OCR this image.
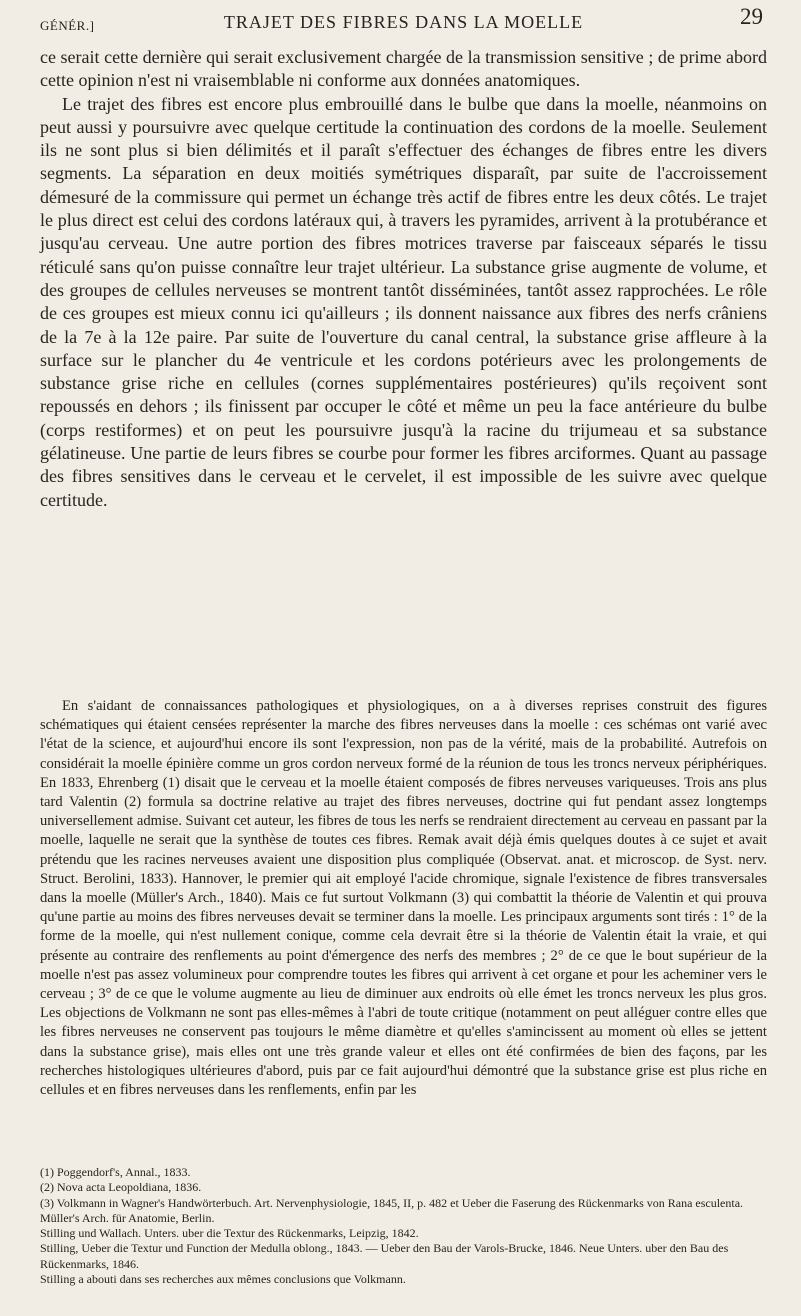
GÉNÉR.]	TRAJET DES FIBRES DANS LA MOELLE	29

ce serait cette dernière qui serait exclusivement chargée de la transmission sensitive ; de prime abord cette opinion n'est ni vraisemblable ni conforme aux données anatomiques.

Le trajet des fibres est encore plus embrouillé dans le bulbe que dans la moelle, néanmoins on peut aussi y poursuivre avec quelque certitude la continuation des cordons de la moelle. Seulement ils ne sont plus si bien délimités et il paraît s'effectuer des échanges de fibres entre les divers segments. La séparation en deux moitiés symétriques disparaît, par suite de l'accroissement démesuré de la commissure qui permet un échange très actif de fibres entre les deux côtés. Le trajet le plus direct est celui des cordons latéraux qui, à travers les pyramides, arrivent à la protubérance et jusqu'au cerveau. Une autre portion des fibres motrices traverse par faisceaux séparés le tissu réticulé sans qu'on puisse connaître leur trajet ultérieur. La substance grise augmente de volume, et des groupes de cellules nerveuses se montrent tantôt disséminées, tantôt assez rapprochées. Le rôle de ces groupes est mieux connu ici qu'ailleurs ; ils donnent naissance aux fibres des nerfs crâniens de la 7e à la 12e paire. Par suite de l'ouverture du canal central, la substance grise affleure à la surface sur le plancher du 4e ventricule et les cordons potérieurs avec les prolongements de substance grise riche en cellules (cornes supplémentaires postérieures) qu'ils reçoivent sont repoussés en dehors ; ils finissent par occuper le côté et même un peu la face antérieure du bulbe (corps restiformes) et on peut les poursuivre jusqu'à la racine du trijumeau et sa substance gélatineuse. Une partie de leurs fibres se courbe pour former les fibres arciformes. Quant au passage des fibres sensitives dans le cerveau et le cervelet, il est impossible de les suivre avec quelque certitude.

En s'aidant de connaissances pathologiques et physiologiques, on a à diverses reprises construit des figures schématiques qui étaient censées représenter la marche des fibres nerveuses dans la moelle : ces schémas ont varié avec l'état de la science, et aujourd'hui encore ils sont l'expression, non pas de la vérité, mais de la probabilité. Autrefois on considérait la moelle épinière comme un gros cordon nerveux formé de la réunion de tous les troncs nerveux périphériques. En 1833, Ehrenberg (1) disait que le cerveau et la moelle étaient composés de fibres nerveuses variqueuses. Trois ans plus tard Valentin (2) formula sa doctrine relative au trajet des fibres nerveuses, doctrine qui fut pendant assez longtemps universellement admise. Suivant cet auteur, les fibres de tous les nerfs se rendraient directement au cerveau en passant par la moelle, laquelle ne serait que la synthèse de toutes ces fibres. Remak avait déjà émis quelques doutes à ce sujet et avait prétendu que les racines nerveuses avaient une disposition plus compliquée (Observat. anat. et microscop. de Syst. nerv. Struct. Berolini, 1833). Hannover, le premier qui ait employé l'acide chromique, signale l'existence de fibres transversales dans la moelle (Müller's Arch., 1840). Mais ce fut surtout Volkmann (3) qui combattit la théorie de Valentin et qui prouva qu'une partie au moins des fibres nerveuses devait se terminer dans la moelle. Les principaux arguments sont tirés : 1° de la forme de la moelle, qui n'est nullement conique, comme cela devrait être si la théorie de Valentin était la vraie, et qui présente au contraire des renflements au point d'émergence des nerfs des membres ; 2° de ce que le bout supérieur de la moelle n'est pas assez volumineux pour comprendre toutes les fibres qui arrivent à cet organe et pour les acheminer vers le cerveau ; 3° de ce que le volume augmente au lieu de diminuer aux endroits où elle émet les troncs nerveux les plus gros. Les objections de Volkmann ne sont pas elles-mêmes à l'abri de toute critique (notamment on peut alléguer contre elles que les fibres nerveuses ne conservent pas toujours le même diamètre et qu'elles s'amincissent au moment où elles se jettent dans la substance grise), mais elles ont une très grande valeur et elles ont été confirmées de bien des façons, par les recherches histologiques ultérieures d'abord, puis par ce fait aujourd'hui démontré que la substance grise est plus riche en cellules et en fibres nerveuses dans les renflements, enfin par les

(1) Poggendorf's, Annal., 1833.
(2) Nova acta Leopoldiana, 1836.
(3) Volkmann in Wagner's Handwörterbuch. Art. Nervenphysiologie, 1845, II, p. 482 et Ueber die Faserung des Rückenmarks von Rana esculenta. Müller's Arch. für Anatomie, Berlin.
Stilling und Wallach. Unters. uber die Textur des Rückenmarks, Leipzig, 1842.
Stilling, Ueber die Textur und Function der Medulla oblong., 1843. — Ueber den Bau der Varols-Brucke, 1846. Neue Unters. uber den Bau des Rückenmarks, 1846.
Stilling a abouti dans ses recherches aux mêmes conclusions que Volkmann.
